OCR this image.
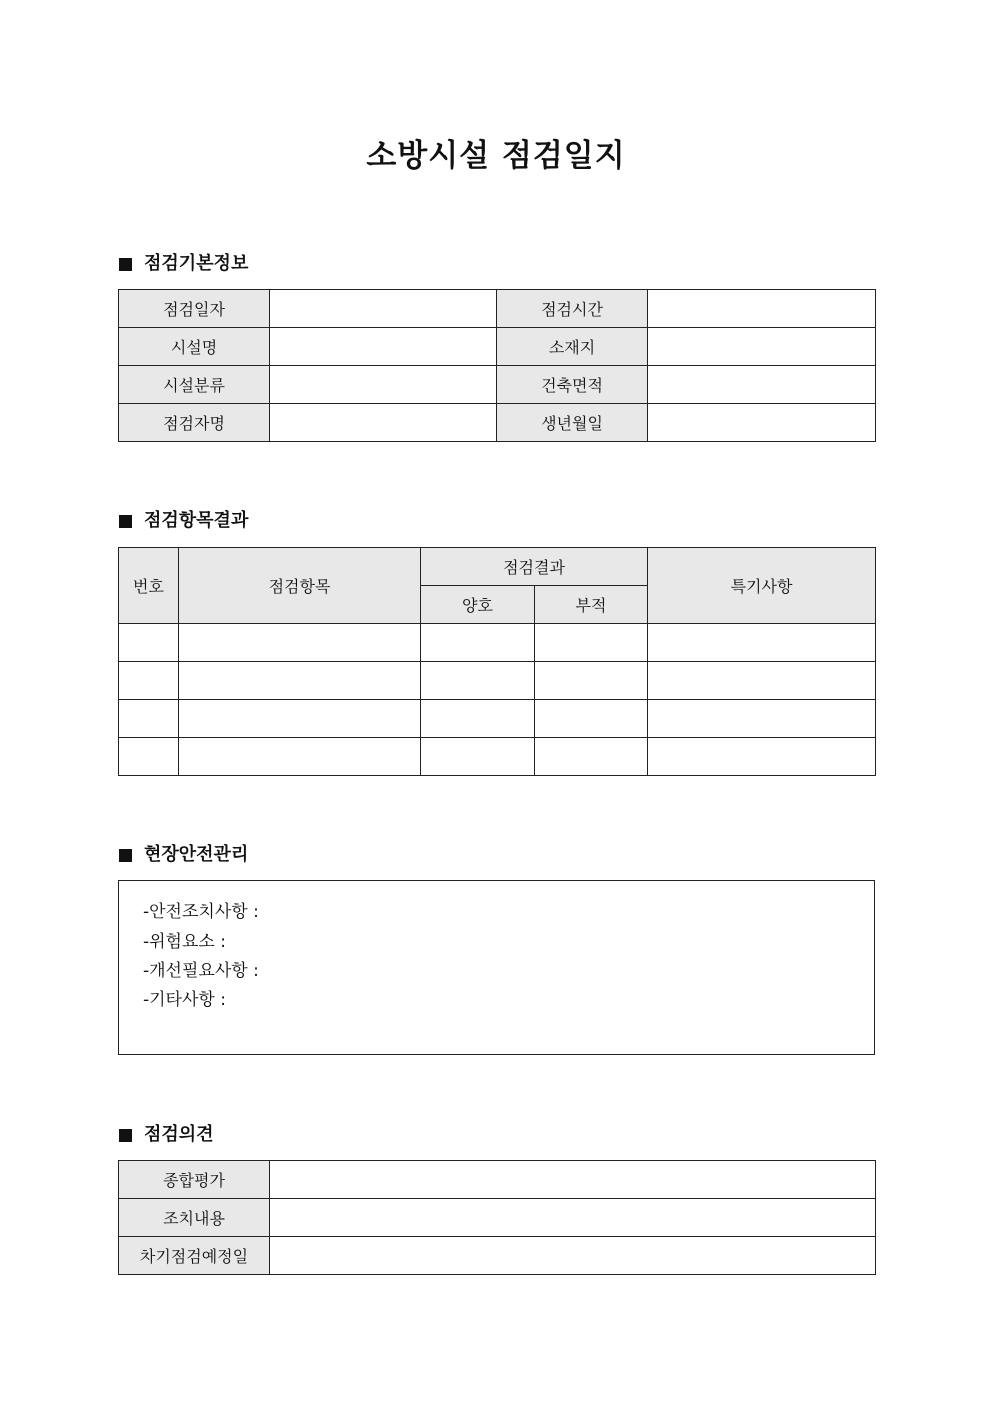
소방시설 점검일지
점검기본정보
점검일자		점검시간	
시설명		소재지	
시설분류		건축면적	
점검자명		생년월일	
점검항목결과
번호	점검항목	점검결과		특기사항
		양호	부적	

현장안전관리
-안전조치사항 :
-위험요소 :
-개선필요사항 :
-기타사항 :
점검의견
종합평가	
조치내용	
차기점검예정일	
